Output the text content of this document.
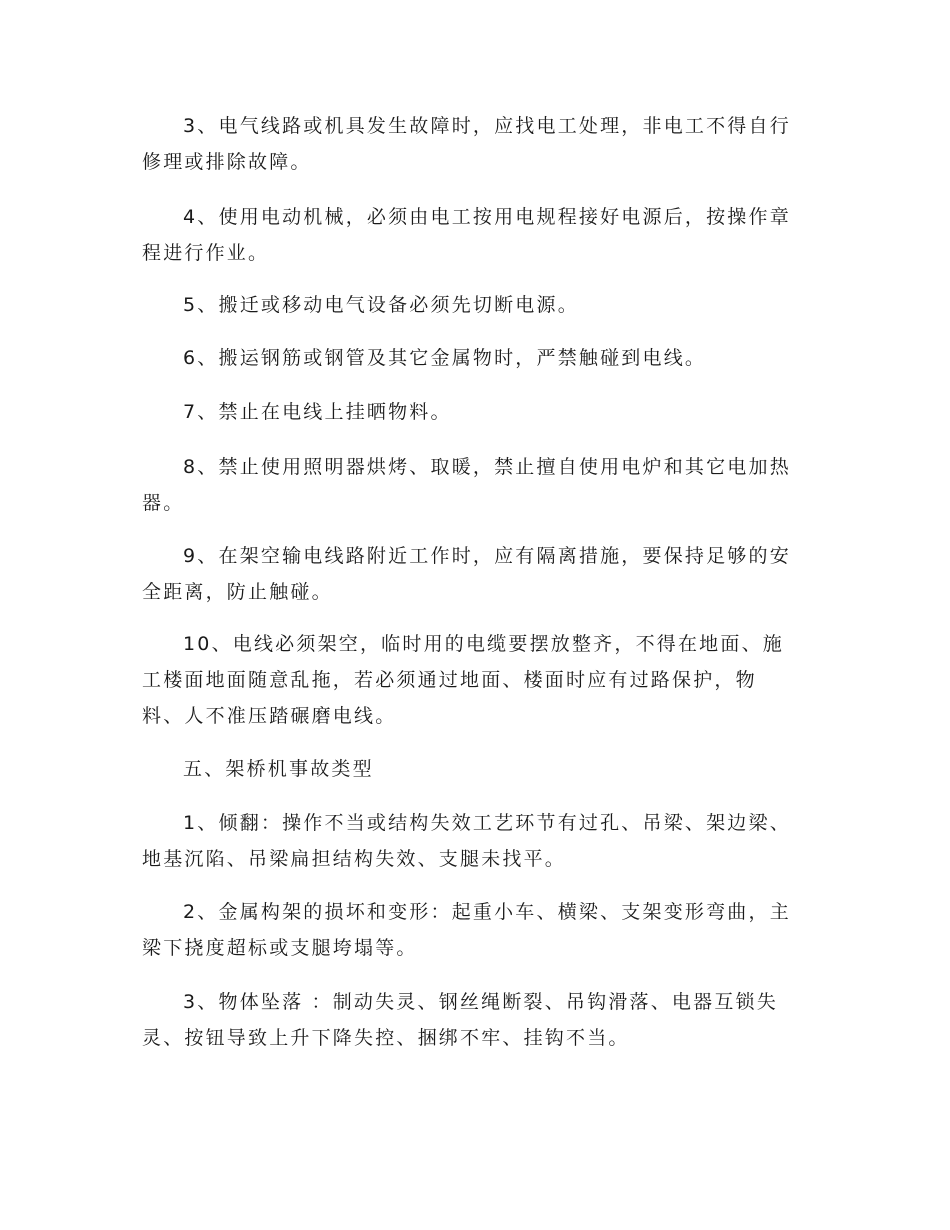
3、电气线路或机具发生故障时，应找电工处理，非电工不得自行
修理或排除故障。

4、使用电动机械，必须由电工按用电规程接好电源后，按操作章
程进行作业。

5、搬迁或移动电气设备必须先切断电源。

6、搬运钢筋或钢管及其它金属物时，严禁触碰到电线。

7、禁止在电线上挂晒物料。

8、禁止使用照明器烘烤、取暖，禁止擅自使用电炉和其它电加热
器。

9、在架空输电线路附近工作时，应有隔离措施，要保持足够的安
全距离，防止触碰。

10、电线必须架空，临时用的电缆要摆放整齐，不得在地面、施
工楼面地面随意乱拖，若必须通过地面、楼面时应有过路保护，物
料、人不准压踏碾磨电线。

五、架桥机事故类型

1、倾翻：操作不当或结构失效工艺环节有过孔、吊梁、架边梁、
地基沉陷、吊梁扁担结构失效、支腿未找平。

2、金属构架的损坏和变形：起重小车、横梁、支架变形弯曲，主
梁下挠度超标或支腿垮塌等。

3、物体坠落 ：制动失灵、钢丝绳断裂、吊钩滑落、电器互锁失
灵、按钮导致上升下降失控、捆绑不牢、挂钩不当。
